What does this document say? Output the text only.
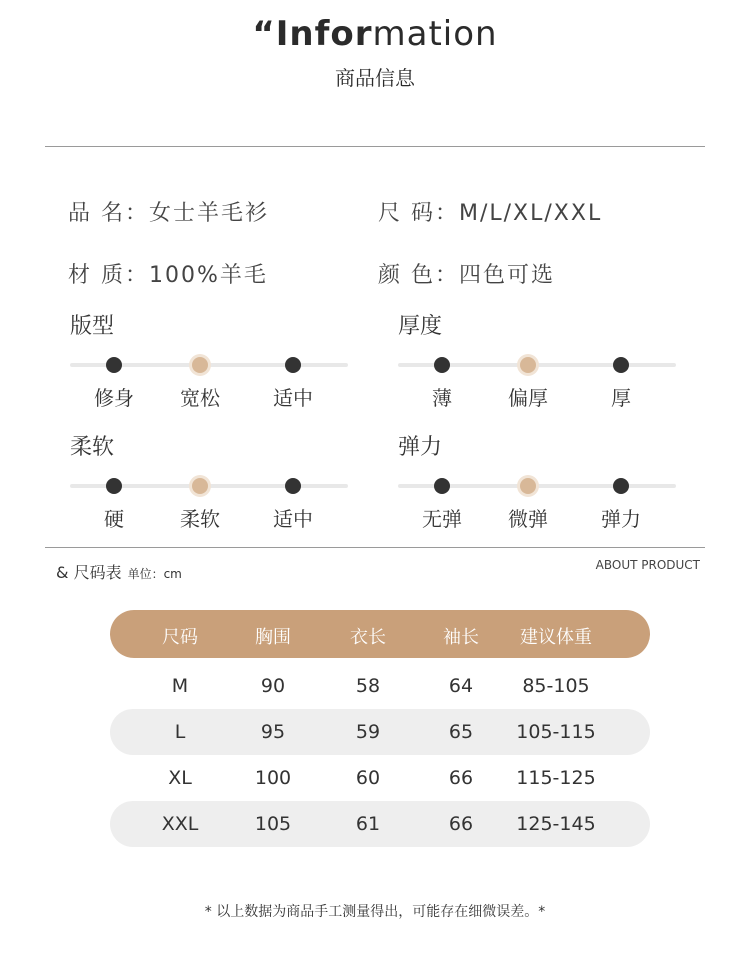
“Information
商品信息
品 名：女士羊毛衫	尺 码：M/L/XL/XXL
材 质：100%羊毛	颜 色：四色可选
版型
修身	宽松	适中
厚度
薄	偏厚	厚
柔软
硬	柔软	适中
弹力
无弹	微弹	弹力
& 尺码表 单位：cm
ABOUT PRODUCT
尺码	胸围	衣长	袖长	建议体重
M	90	58	64	85-105
L	95	59	65	105-115
XL	100	60	66	115-125
XXL	105	61	66	125-145
* 以上数据为商品手工测量得出，可能存在细微误差。*
